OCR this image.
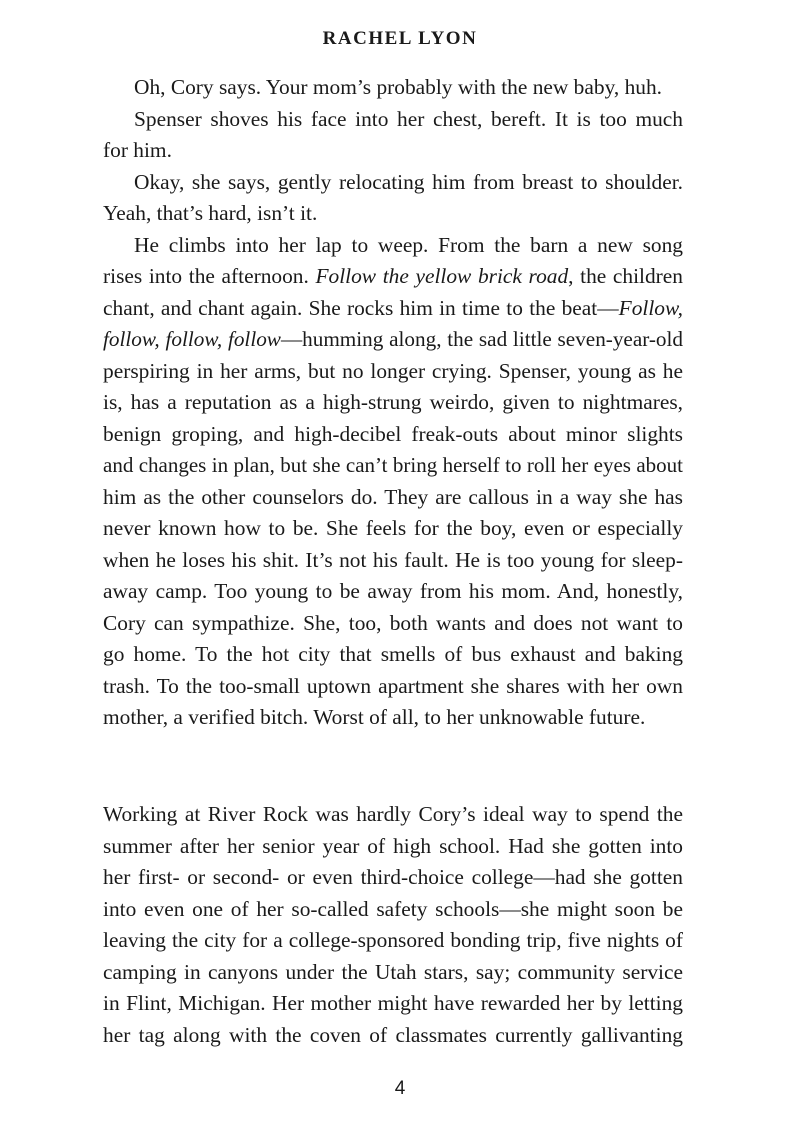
RACHEL LYON
Oh, Cory says. Your mom’s probably with the new baby, huh.
Spenser shoves his face into her chest, bereft. It is too much
for him.
Okay, she says, gently relocating him from breast to shoulder.
Yeah, that’s hard, isn’t it.
He climbs into her lap to weep. From the barn a new song
rises into the afternoon. Follow the yellow brick road, the children
chant, and chant again. She rocks him in time to the beat—Follow,
follow, follow, follow—humming along, the sad little seven-year-old
perspiring in her arms, but no longer crying. Spenser, young as he
is, has a reputation as a high-strung weirdo, given to nightmares,
benign groping, and high-decibel freak-outs about minor slights
and changes in plan, but she can’t bring herself to roll her eyes about
him as the other counselors do. They are callous in a way she has
never known how to be. She feels for the boy, even or especially
when he loses his shit. It’s not his fault. He is too young for sleep-
away camp. Too young to be away from his mom. And, honestly,
Cory can sympathize. She, too, both wants and does not want to
go home. To the hot city that smells of bus exhaust and baking
trash. To the too-small uptown apartment she shares with her own
mother, a verified bitch. Worst of all, to her unknowable future.
Working at River Rock was hardly Cory’s ideal way to spend the
summer after her senior year of high school. Had she gotten into
her first- or second- or even third-choice college—had she gotten
into even one of her so-called safety schools—she might soon be
leaving the city for a college-sponsored bonding trip, five nights of
camping in canyons under the Utah stars, say; community service
in Flint, Michigan. Her mother might have rewarded her by letting
her tag along with the coven of classmates currently gallivanting
4
